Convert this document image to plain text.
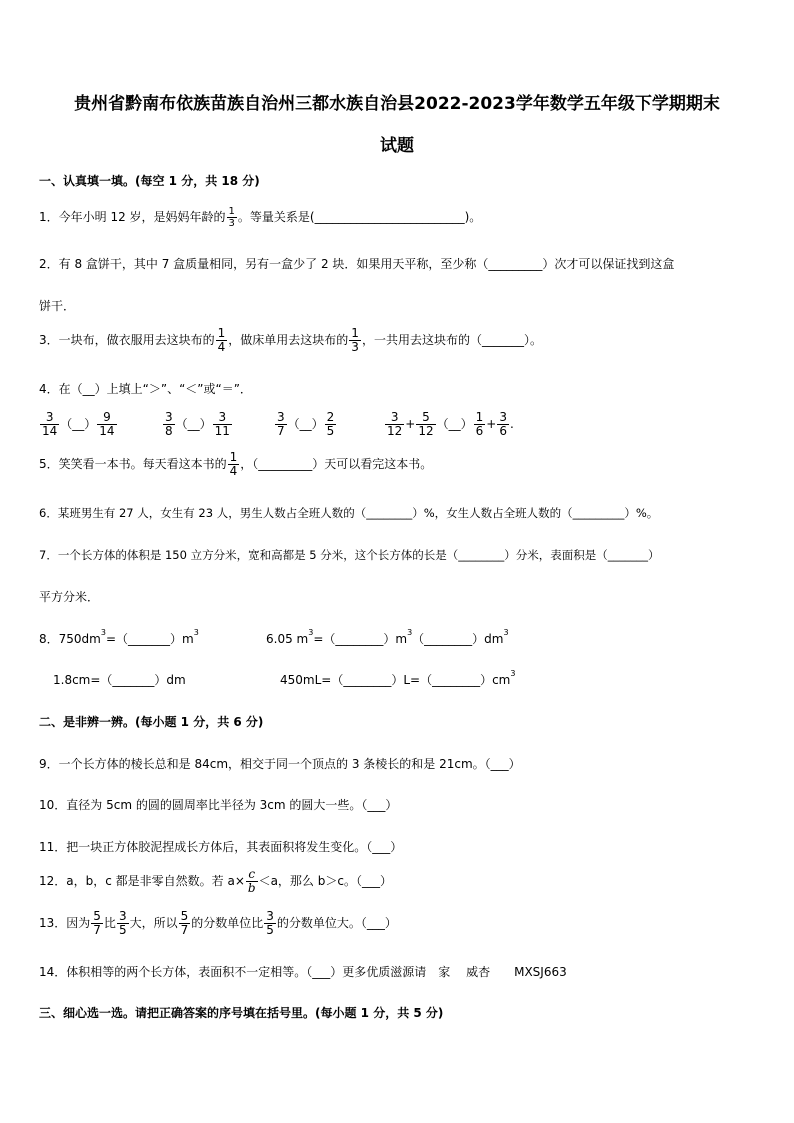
贵州省黔南布依族苗族自治州三都水族自治县2022-2023学年数学五年级下学期期末
试题
一、认真填一填。(每空 1 分，共 18 分)
1．今年小明 12 岁，是妈妈年龄的 $\frac{1}{3}$ 。等量关系是(_________________________)。
2．有 8 盒饼干，其中 7 盒质量相同，另有一盒少了 2 块．如果用天平称，至少称（_________）次才可以保证找到这盒
饼干．
3．一块布，做衣服用去这块布的 $\frac{1}{4}$ ，做床单用去这块布的 $\frac{1}{3}$ ，一共用去这块布的（_______）。
4．在（__）上填上“＞”、“＜”或“＝”．
$\frac{3}{14}$ （__） $\frac{9}{14}$	$\frac{3}{8}$ （__） $\frac{3}{11}$	$\frac{3}{7}$ （__） $\frac{2}{5}$	$\frac{3}{12} + \frac{5}{12}$ （__） $\frac{1}{6} + \frac{3}{6}$ .
5．笑笑看一本书。每天看这本书的 $\frac{1}{4}$ ，（_________）天可以看完这本书。
6．某班男生有 27 人，女生有 23 人，男生人数占全班人数的（________）%，女生人数占全班人数的（_________）%。
7．一个长方体的体积是 150 立方分米，宽和高都是 5 分米，这个长方体的长是（________）分米，表面积是（_______）
平方分米．
8．$750dm^3=(\_\_\_\_\_\_\_)m^3$	6.05 $m^3=(\_\_\_\_\_\_\_\_)m^3(\_\_\_\_\_\_\_\_)dm^3$
1.8cm=（_______）dm	$450mL=(\_\_\_\_\_\_\_\_)L=(\_\_\_\_\_\_\_\_)cm^3$
二、是非辨一辨。(每小题 1 分，共 6 分)
9．一个长方体的棱长总和是 84cm，相交于同一个顶点的 3 条棱长的和是 21cm。（___）
10．直径为 5cm 的圆的圆周率比半径为 3cm 的圆大一些。（___）
11．把一块正方体胶泥捏成长方体后，其表面积将发生变化。（___）
12．a，b，c 都是非零自然数。若 $a\times \frac{c}{b} <a$，那么 b＞c。（___）
13．因为 $\frac{5}{7}$ 比 $\frac{3}{5}$ 大，所以 $\frac{5}{7}$ 的分数单位比 $\frac{3}{5}$ 的分数单位大。（___）
14．体积相等的两个长方体，表面积不一定相等。（___）更多优质滋源请　家　 威杏　　MXSJ663
三、细心选一选。请把正确答案的序号填在括号里。(每小题 1 分，共 5 分)
